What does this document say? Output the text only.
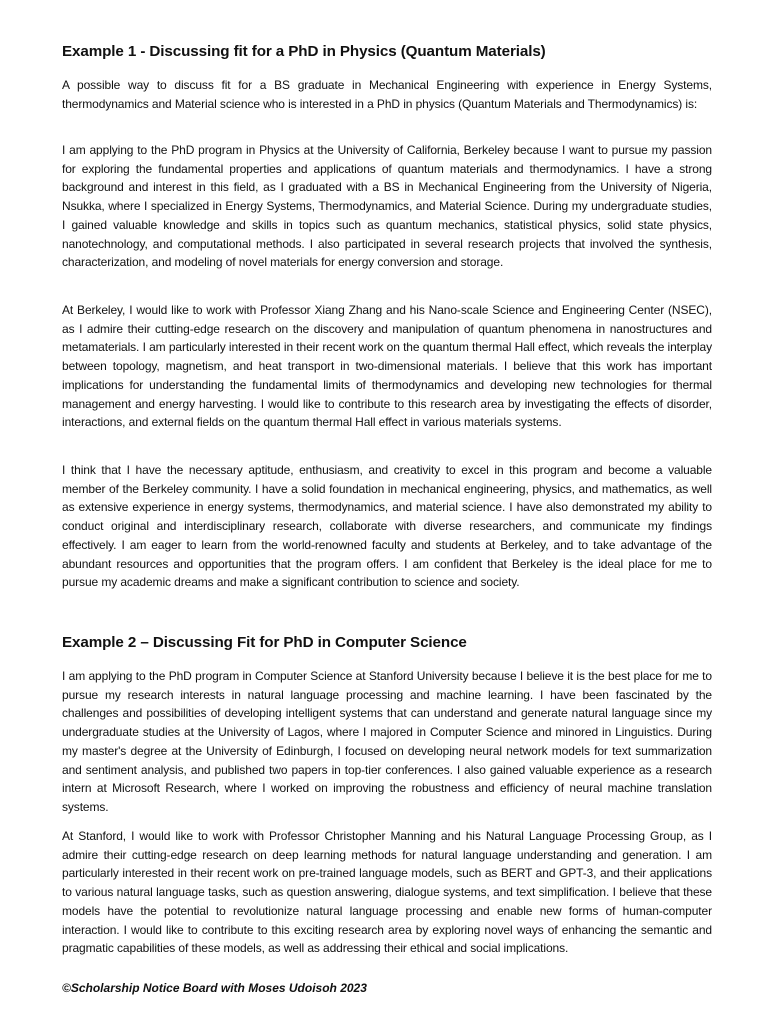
Example 1 - Discussing fit for a PhD in Physics (Quantum Materials)

A possible way to discuss fit for a BS graduate in Mechanical Engineering with experience in Energy Systems, thermodynamics and Material science who is interested in a PhD in physics (Quantum Materials and Thermodynamics) is:

I am applying to the PhD program in Physics at the University of California, Berkeley because I want to pursue my passion for exploring the fundamental properties and applications of quantum materials and thermodynamics. I have a strong background and interest in this field, as I graduated with a BS in Mechanical Engineering from the University of Nigeria, Nsukka, where I specialized in Energy Systems, Thermodynamics, and Material Science. During my undergraduate studies, I gained valuable knowledge and skills in topics such as quantum mechanics, statistical physics, solid state physics, nanotechnology, and computational methods. I also participated in several research projects that involved the synthesis, characterization, and modeling of novel materials for energy conversion and storage.

At Berkeley, I would like to work with Professor Xiang Zhang and his Nano-scale Science and Engineering Center (NSEC), as I admire their cutting-edge research on the discovery and manipulation of quantum phenomena in nanostructures and metamaterials. I am particularly interested in their recent work on the quantum thermal Hall effect, which reveals the interplay between topology, magnetism, and heat transport in two-dimensional materials. I believe that this work has important implications for understanding the fundamental limits of thermodynamics and developing new technologies for thermal management and energy harvesting. I would like to contribute to this research area by investigating the effects of disorder, interactions, and external fields on the quantum thermal Hall effect in various materials systems.

I think that I have the necessary aptitude, enthusiasm, and creativity to excel in this program and become a valuable member of the Berkeley community. I have a solid foundation in mechanical engineering, physics, and mathematics, as well as extensive experience in energy systems, thermodynamics, and material science. I have also demonstrated my ability to conduct original and interdisciplinary research, collaborate with diverse researchers, and communicate my findings effectively. I am eager to learn from the world-renowned faculty and students at Berkeley, and to take advantage of the abundant resources and opportunities that the program offers. I am confident that Berkeley is the ideal place for me to pursue my academic dreams and make a significant contribution to science and society.

Example 2 – Discussing Fit for PhD in Computer Science

I am applying to the PhD program in Computer Science at Stanford University because I believe it is the best place for me to pursue my research interests in natural language processing and machine learning. I have been fascinated by the challenges and possibilities of developing intelligent systems that can understand and generate natural language since my undergraduate studies at the University of Lagos, where I majored in Computer Science and minored in Linguistics. During my master's degree at the University of Edinburgh, I focused on developing neural network models for text summarization and sentiment analysis, and published two papers in top-tier conferences. I also gained valuable experience as a research intern at Microsoft Research, where I worked on improving the robustness and efficiency of neural machine translation systems.

At Stanford, I would like to work with Professor Christopher Manning and his Natural Language Processing Group, as I admire their cutting-edge research on deep learning methods for natural language understanding and generation. I am particularly interested in their recent work on pre-trained language models, such as BERT and GPT-3, and their applications to various natural language tasks, such as question answering, dialogue systems, and text simplification. I believe that these models have the potential to revolutionize natural language processing and enable new forms of human-computer interaction. I would like to contribute to this exciting research area by exploring novel ways of enhancing the semantic and pragmatic capabilities of these models, as well as addressing their ethical and social implications.

©Scholarship Notice Board with Moses Udoisoh 2023
